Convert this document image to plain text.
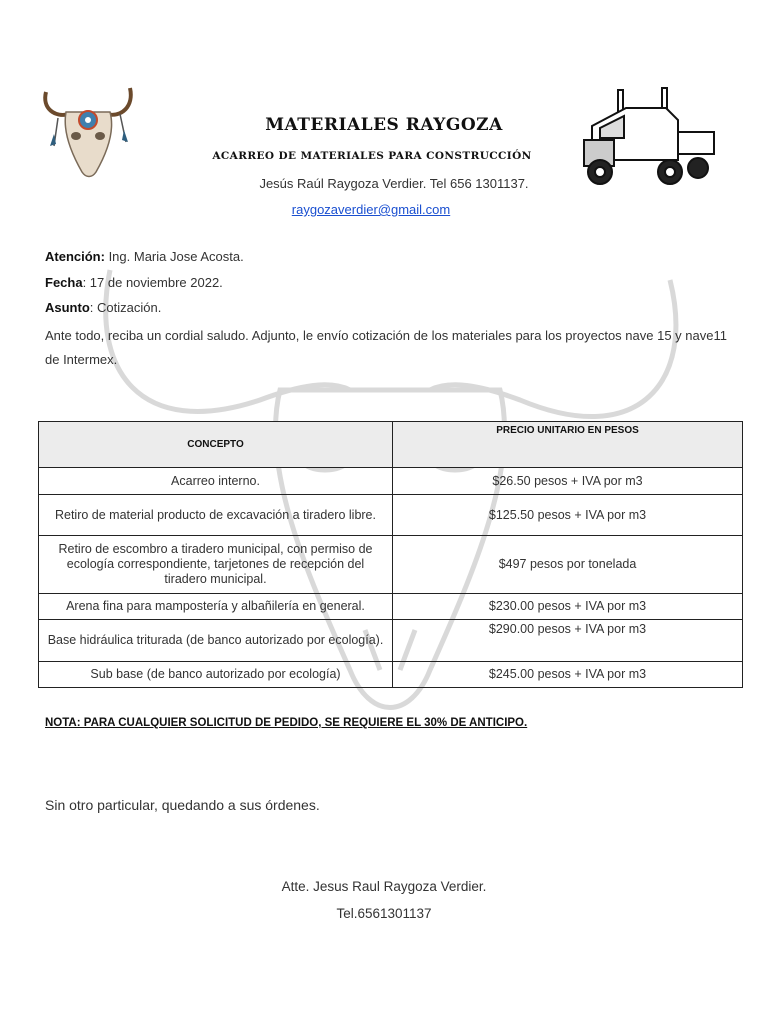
MATERIALES RAYGOZA
ACARREO DE MATERIALES PARA CONSTRUCCIÓN
Jesús Raúl Raygoza Verdier. Tel 656 1301137.
raygozaverdier@gmail.com
Atención: Ing. Maria Jose Acosta.
Fecha: 17 de noviembre 2022.
Asunto: Cotización.
Ante todo, reciba un cordial saludo. Adjunto, le envío cotización de los materiales para los proyectos nave 15 y nave11 de Intermex.
CONCEPTO	PRECIO UNITARIO EN PESOS
Acarreo interno.	$26.50 pesos + IVA por m3
Retiro de material producto de excavación a tiradero libre.	$125.50 pesos + IVA por m3
Retiro de escombro a tiradero municipal, con permiso de ecología correspondiente, tarjetones de recepción del tiradero municipal.	$497 pesos por tonelada
Arena fina para mampostería y albañilería en general.	$230.00 pesos + IVA por m3
Base hidráulica triturada (de banco autorizado por ecología).	$290.00 pesos + IVA por m3
Sub base (de banco autorizado por ecología)	$245.00 pesos + IVA por m3
NOTA: PARA CUALQUIER SOLICITUD DE PEDIDO, SE REQUIERE EL 30% DE ANTICIPO.
Sin otro particular, quedando a sus órdenes.
Atte. Jesus Raul Raygoza Verdier.
Tel.6561301137
